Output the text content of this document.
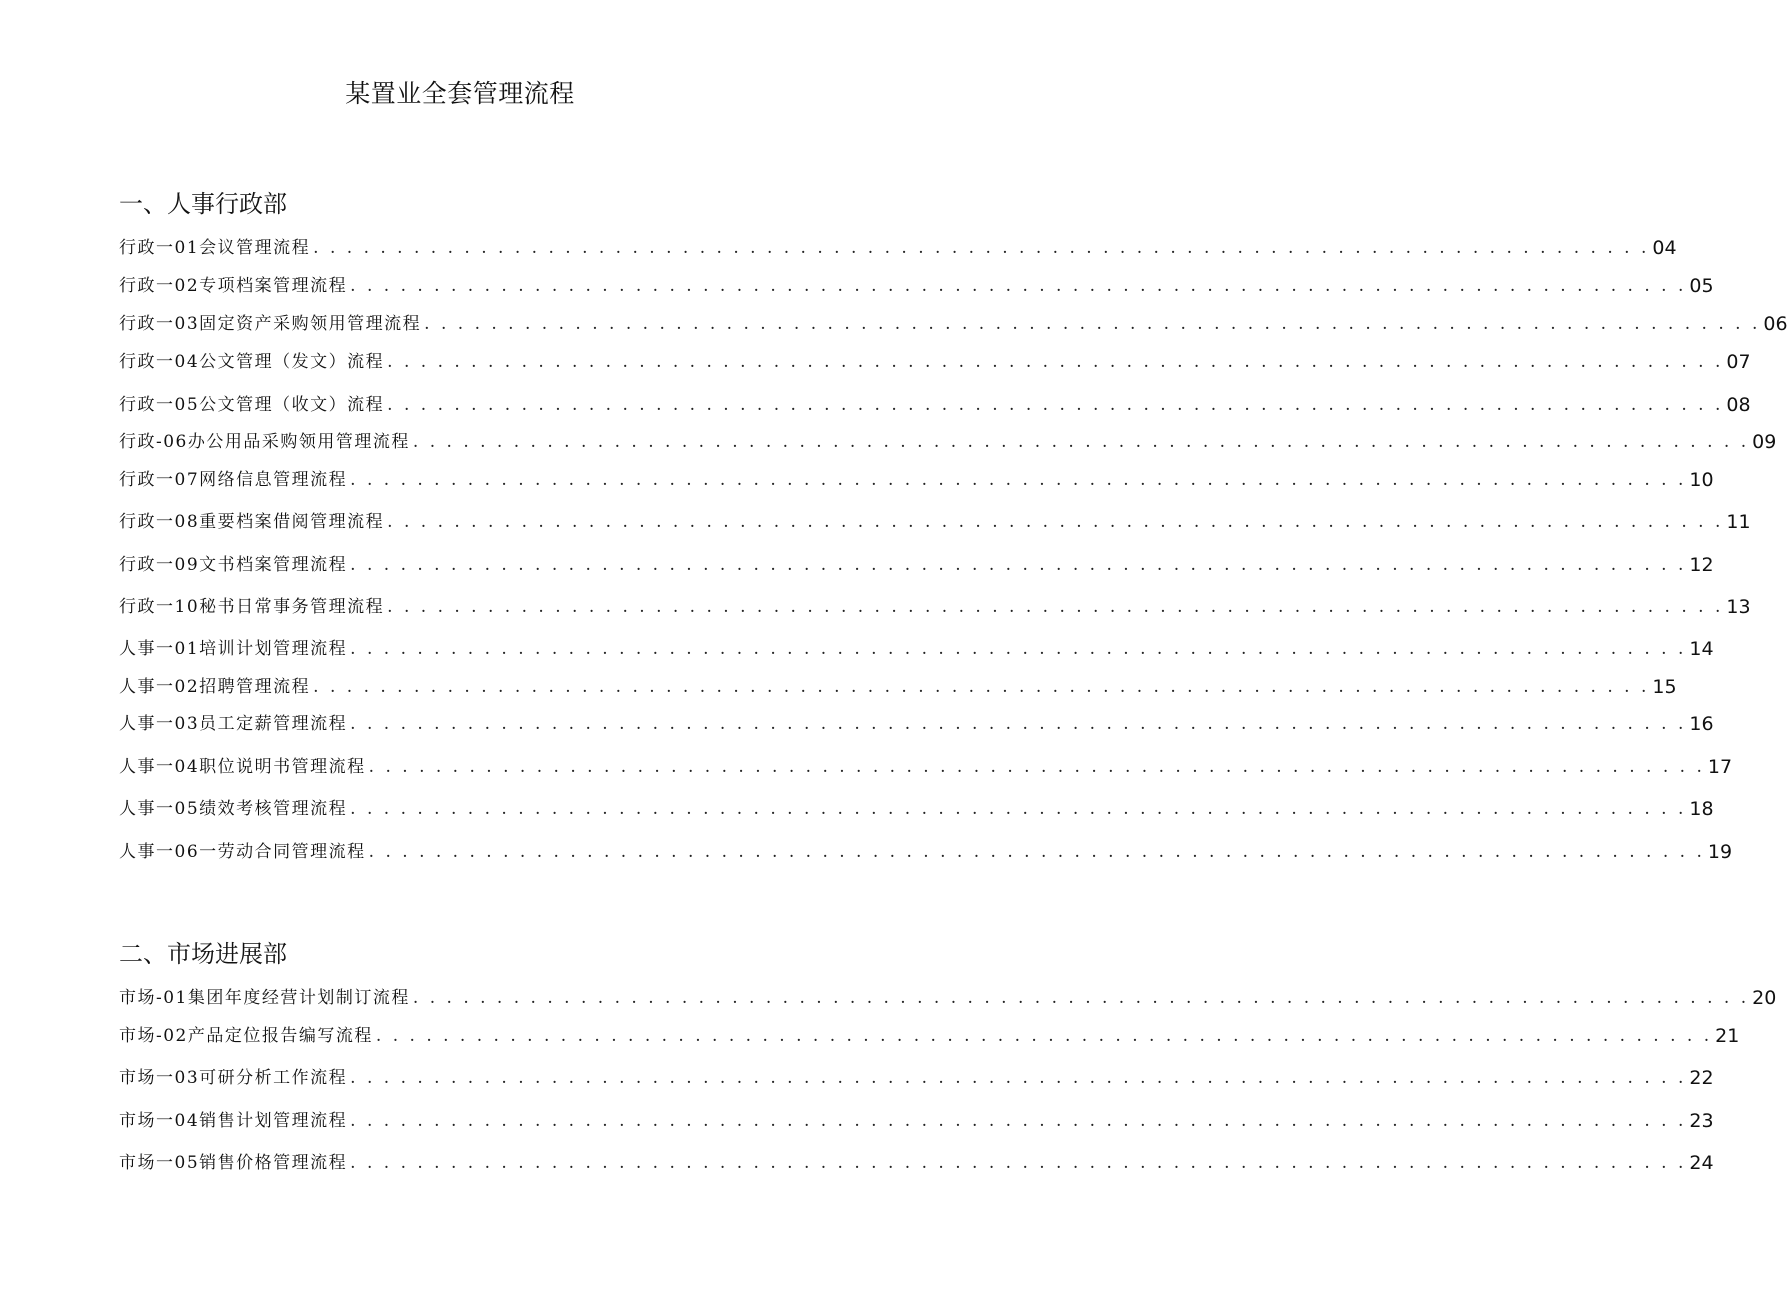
某置业全套管理流程
一、人事行政部
行政一01会议管理流程 . . . . . . . . . . . . . . . . . . . . . . . . . . . . . . . . . . . . . . . . . . . . . . . . . . . . . . . . . . . . . . . . . . . . . . . . . . . . . . . . 04
行政一02专项档案管理流程 . . . . . . . . . . . . . . . . . . . . . . . . . . . . . . . . . . . . . . . . . . . . . . . . . . . . . . . . . . . . . . . . . . . . . . . . . . . . . . . . 05
行政一03固定资产采购领用管理流程 . . . . . . . . . . . . . . . . . . . . . . . . . . . . . . . . . . . . . . . . . . . . . . . . . . . . . . . . . . . . . . . . . . . . . . . . . . . . . . . . 06
行政一04公文管理（发文）流程 . . . . . . . . . . . . . . . . . . . . . . . . . . . . . . . . . . . . . . . . . . . . . . . . . . . . . . . . . . . . . . . . . . . . . . . . . . . . . . . . 07
行政一05公文管理（收文）流程 . . . . . . . . . . . . . . . . . . . . . . . . . . . . . . . . . . . . . . . . . . . . . . . . . . . . . . . . . . . . . . . . . . . . . . . . . . . . . . . . 08
行政-06办公用品采购领用管理流程 . . . . . . . . . . . . . . . . . . . . . . . . . . . . . . . . . . . . . . . . . . . . . . . . . . . . . . . . . . . . . . . . . . . . . . . . . . . . . . . . 09
行政一07网络信息管理流程 . . . . . . . . . . . . . . . . . . . . . . . . . . . . . . . . . . . . . . . . . . . . . . . . . . . . . . . . . . . . . . . . . . . . . . . . . . . . . . . . 10
行政一08重要档案借阅管理流程 . . . . . . . . . . . . . . . . . . . . . . . . . . . . . . . . . . . . . . . . . . . . . . . . . . . . . . . . . . . . . . . . . . . . . . . . . . . . . . . . 11
行政一09文书档案管理流程 . . . . . . . . . . . . . . . . . . . . . . . . . . . . . . . . . . . . . . . . . . . . . . . . . . . . . . . . . . . . . . . . . . . . . . . . . . . . . . . . 12
行政一10秘书日常事务管理流程 . . . . . . . . . . . . . . . . . . . . . . . . . . . . . . . . . . . . . . . . . . . . . . . . . . . . . . . . . . . . . . . . . . . . . . . . . . . . . . . . 13
人事一01培训计划管理流程 . . . . . . . . . . . . . . . . . . . . . . . . . . . . . . . . . . . . . . . . . . . . . . . . . . . . . . . . . . . . . . . . . . . . . . . . . . . . . . . . 14
人事一02招聘管理流程 . . . . . . . . . . . . . . . . . . . . . . . . . . . . . . . . . . . . . . . . . . . . . . . . . . . . . . . . . . . . . . . . . . . . . . . . . . . . . . . . 15
人事一03员工定薪管理流程 . . . . . . . . . . . . . . . . . . . . . . . . . . . . . . . . . . . . . . . . . . . . . . . . . . . . . . . . . . . . . . . . . . . . . . . . . . . . . . . . 16
人事一04职位说明书管理流程 . . . . . . . . . . . . . . . . . . . . . . . . . . . . . . . . . . . . . . . . . . . . . . . . . . . . . . . . . . . . . . . . . . . . . . . . . . . . . . . . 17
人事一05绩效考核管理流程 . . . . . . . . . . . . . . . . . . . . . . . . . . . . . . . . . . . . . . . . . . . . . . . . . . . . . . . . . . . . . . . . . . . . . . . . . . . . . . . . 18
人事一06一劳动合同管理流程 . . . . . . . . . . . . . . . . . . . . . . . . . . . . . . . . . . . . . . . . . . . . . . . . . . . . . . . . . . . . . . . . . . . . . . . . . . . . . . . . 19
二、市场进展部
市场-01集团年度经营计划制订流程 . . . . . . . . . . . . . . . . . . . . . . . . . . . . . . . . . . . . . . . . . . . . . . . . . . . . . . . . . . . . . . . . . . . . . . . . . . . . . . . . 20
市场-02产品定位报告编写流程 . . . . . . . . . . . . . . . . . . . . . . . . . . . . . . . . . . . . . . . . . . . . . . . . . . . . . . . . . . . . . . . . . . . . . . . . . . . . . . . . 21
市场一03可研分析工作流程 . . . . . . . . . . . . . . . . . . . . . . . . . . . . . . . . . . . . . . . . . . . . . . . . . . . . . . . . . . . . . . . . . . . . . . . . . . . . . . . . 22
市场一04销售计划管理流程 . . . . . . . . . . . . . . . . . . . . . . . . . . . . . . . . . . . . . . . . . . . . . . . . . . . . . . . . . . . . . . . . . . . . . . . . . . . . . . . . 23
市场一05销售价格管理流程 . . . . . . . . . . . . . . . . . . . . . . . . . . . . . . . . . . . . . . . . . . . . . . . . . . . . . . . . . . . . . . . . . . . . . . . . . . . . . . . . 24
